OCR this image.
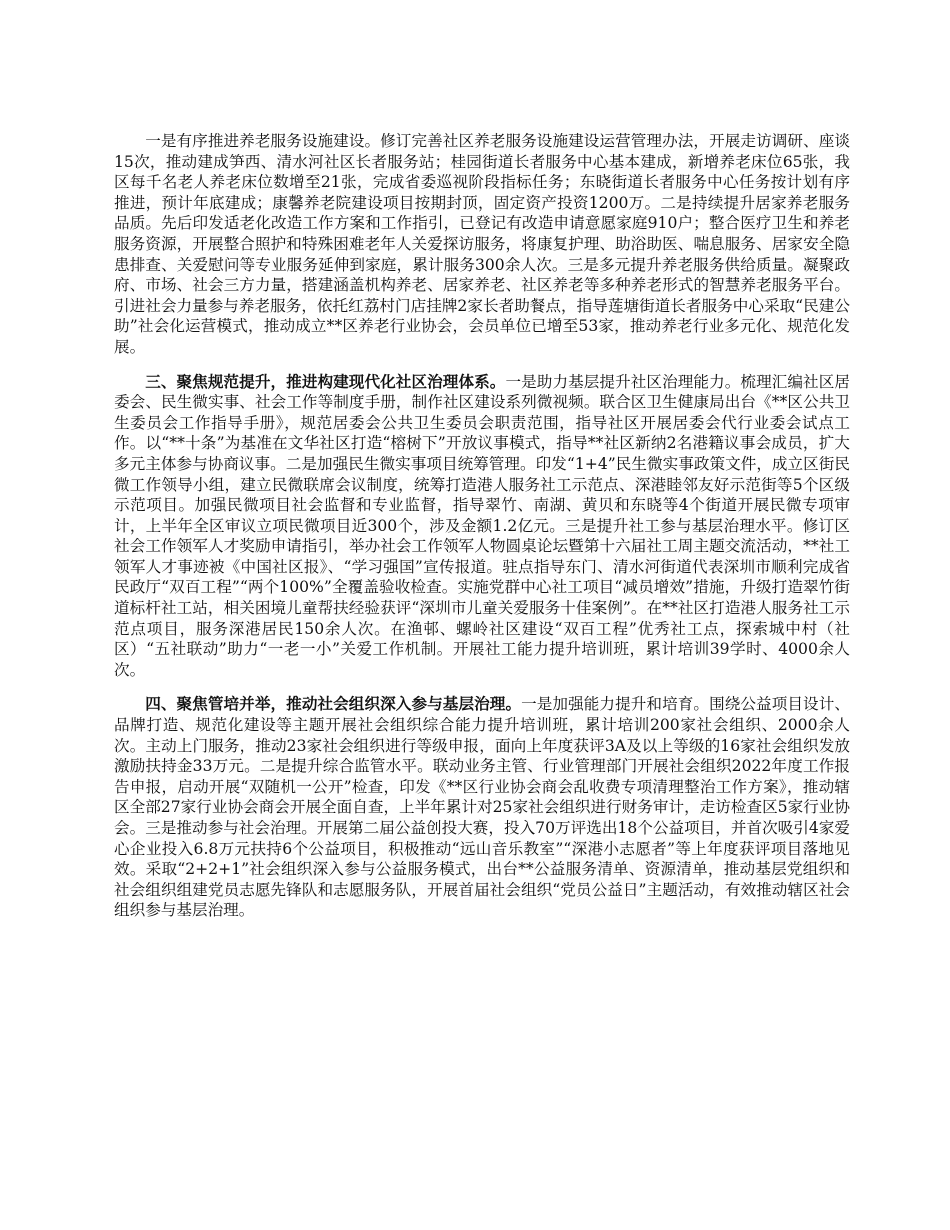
一是有序推进养老服务设施建设。修订完善社区养老服务设施建设运营管理办法，开展走访调研、座谈15次，推动建成笋西、清水河社区长者服务站；桂园街道长者服务中心基本建成，新增养老床位65张，我区每千名老人养老床位数增至21张，完成省委巡视阶段指标任务；东晓街道长者服务中心任务按计划有序推进，预计年底建成；康馨养老院建设项目按期封顶，固定资产投资1200万。二是持续提升居家养老服务品质。先后印发适老化改造工作方案和工作指引，已登记有改造申请意愿家庭910户；整合医疗卫生和养老服务资源，开展整合照护和特殊困难老年人关爱探访服务，将康复护理、助浴助医、喘息服务、居家安全隐患排查、关爱慰问等专业服务延伸到家庭，累计服务300余人次。三是多元提升养老服务供给质量。凝聚政府、市场、社会三方力量，搭建涵盖机构养老、居家养老、社区养老等多种养老形式的智慧养老服务平台。引进社会力量参与养老服务，依托红荔村门店挂牌2家长者助餐点，指导莲塘街道长者服务中心采取“民建公助”社会化运营模式，推动成立**区养老行业协会，会员单位已增至53家，推动养老行业多元化、规范化发展。

三、聚焦规范提升，推进构建现代化社区治理体系。一是助力基层提升社区治理能力。梳理汇编社区居委会、民生微实事、社会工作等制度手册，制作社区建设系列微视频。联合区卫生健康局出台《**区公共卫生委员会工作指导手册》，规范居委会公共卫生委员会职责范围，指导社区开展居委会代行业委会试点工作。以“**十条”为基准在文华社区打造“榕树下”开放议事模式，指导**社区新纳2名港籍议事会成员，扩大多元主体参与协商议事。二是加强民生微实事项目统筹管理。印发“1+4”民生微实事政策文件，成立区街民微工作领导小组，建立民微联席会议制度，统筹打造港人服务社工示范点、深港睦邻友好示范街等5个区级示范项目。加强民微项目社会监督和专业监督，指导翠竹、南湖、黄贝和东晓等4个街道开展民微专项审计，上半年全区审议立项民微项目近300个，涉及金额1.2亿元。三是提升社工参与基层治理水平。修订区社会工作领军人才奖励申请指引，举办社会工作领军人物圆桌论坛暨第十六届社工周主题交流活动，**社工领军人才事迹被《中国社区报》、“学习强国”宣传报道。驻点指导东门、清水河街道代表深圳市顺利完成省民政厅“双百工程”“两个100%”全覆盖验收检查。实施党群中心社工项目“减员增效”措施，升级打造翠竹街道标杆社工站，相关困境儿童帮扶经验获评“深圳市儿童关爱服务十佳案例”。在**社区打造港人服务社工示范点项目，服务深港居民150余人次。在渔邨、螺岭社区建设“双百工程”优秀社工点，探索城中村（社区）“五社联动”助力“一老一小”关爱工作机制。开展社工能力提升培训班，累计培训39学时、4000余人次。

四、聚焦管培并举，推动社会组织深入参与基层治理。一是加强能力提升和培育。围绕公益项目设计、品牌打造、规范化建设等主题开展社会组织综合能力提升培训班，累计培训200家社会组织、2000余人次。主动上门服务，推动23家社会组织进行等级申报，面向上年度获评3A及以上等级的16家社会组织发放激励扶持金33万元。二是提升综合监管水平。联动业务主管、行业管理部门开展社会组织2022年度工作报告申报，启动开展“双随机一公开”检查，印发《**区行业协会商会乱收费专项清理整治工作方案》，推动辖区全部27家行业协会商会开展全面自查，上半年累计对25家社会组织进行财务审计，走访检查区5家行业协会。三是推动参与社会治理。开展第二届公益创投大赛，投入70万评选出18个公益项目，并首次吸引4家爱心企业投入6.8万元扶持6个公益项目，积极推动“远山音乐教室”“深港小志愿者”等上年度获评项目落地见效。采取“2+2+1”社会组织深入参与公益服务模式，出台**公益服务清单、资源清单，推动基层党组织和社会组织组建党员志愿先锋队和志愿服务队，开展首届社会组织“党员公益日”主题活动，有效推动辖区社会组织参与基层治理。
